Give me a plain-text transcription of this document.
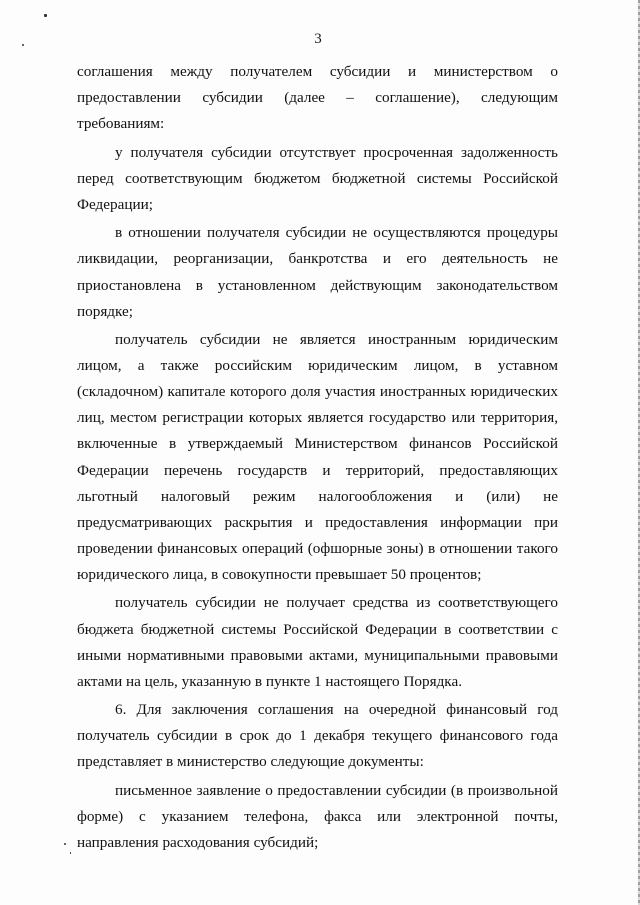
3

соглашения между получателем субсидии и министерством о предоставлении субсидии (далее – соглашение), следующим требованиям:

у получателя субсидии отсутствует просроченная задолженность перед соответствующим бюджетом бюджетной системы Российской Федерации;

в отношении получателя субсидии не осуществляются процедуры ликвидации, реорганизации, банкротства и его деятельность не приостановлена в установленном действующим законодательством порядке;

получатель субсидии не является иностранным юридическим лицом, а также российским юридическим лицом, в уставном (складочном) капитале которого доля участия иностранных юридических лиц, местом регистрации которых является государство или территория, включенные в утверждаемый Министерством финансов Российской Федерации перечень государств и территорий, предоставляющих льготный налоговый режим налогообложения и (или) не предусматривающих раскрытия и предоставления информации при проведении финансовых операций (офшорные зоны) в отношении такого юридического лица, в совокупности превышает 50 процентов;

получатель субсидии не получает средства из соответствующего бюджета бюджетной системы Российской Федерации в соответствии с иными нормативными правовыми актами, муниципальными правовыми актами на цель, указанную в пункте 1 настоящего Порядка.

6. Для заключения соглашения на очередной финансовый год получатель субсидии в срок до 1 декабря текущего финансового года представляет в министерство следующие документы:

письменное заявление о предоставлении субсидии (в произвольной форме) с указанием телефона, факса или электронной почты, направления расходования субсидий;
